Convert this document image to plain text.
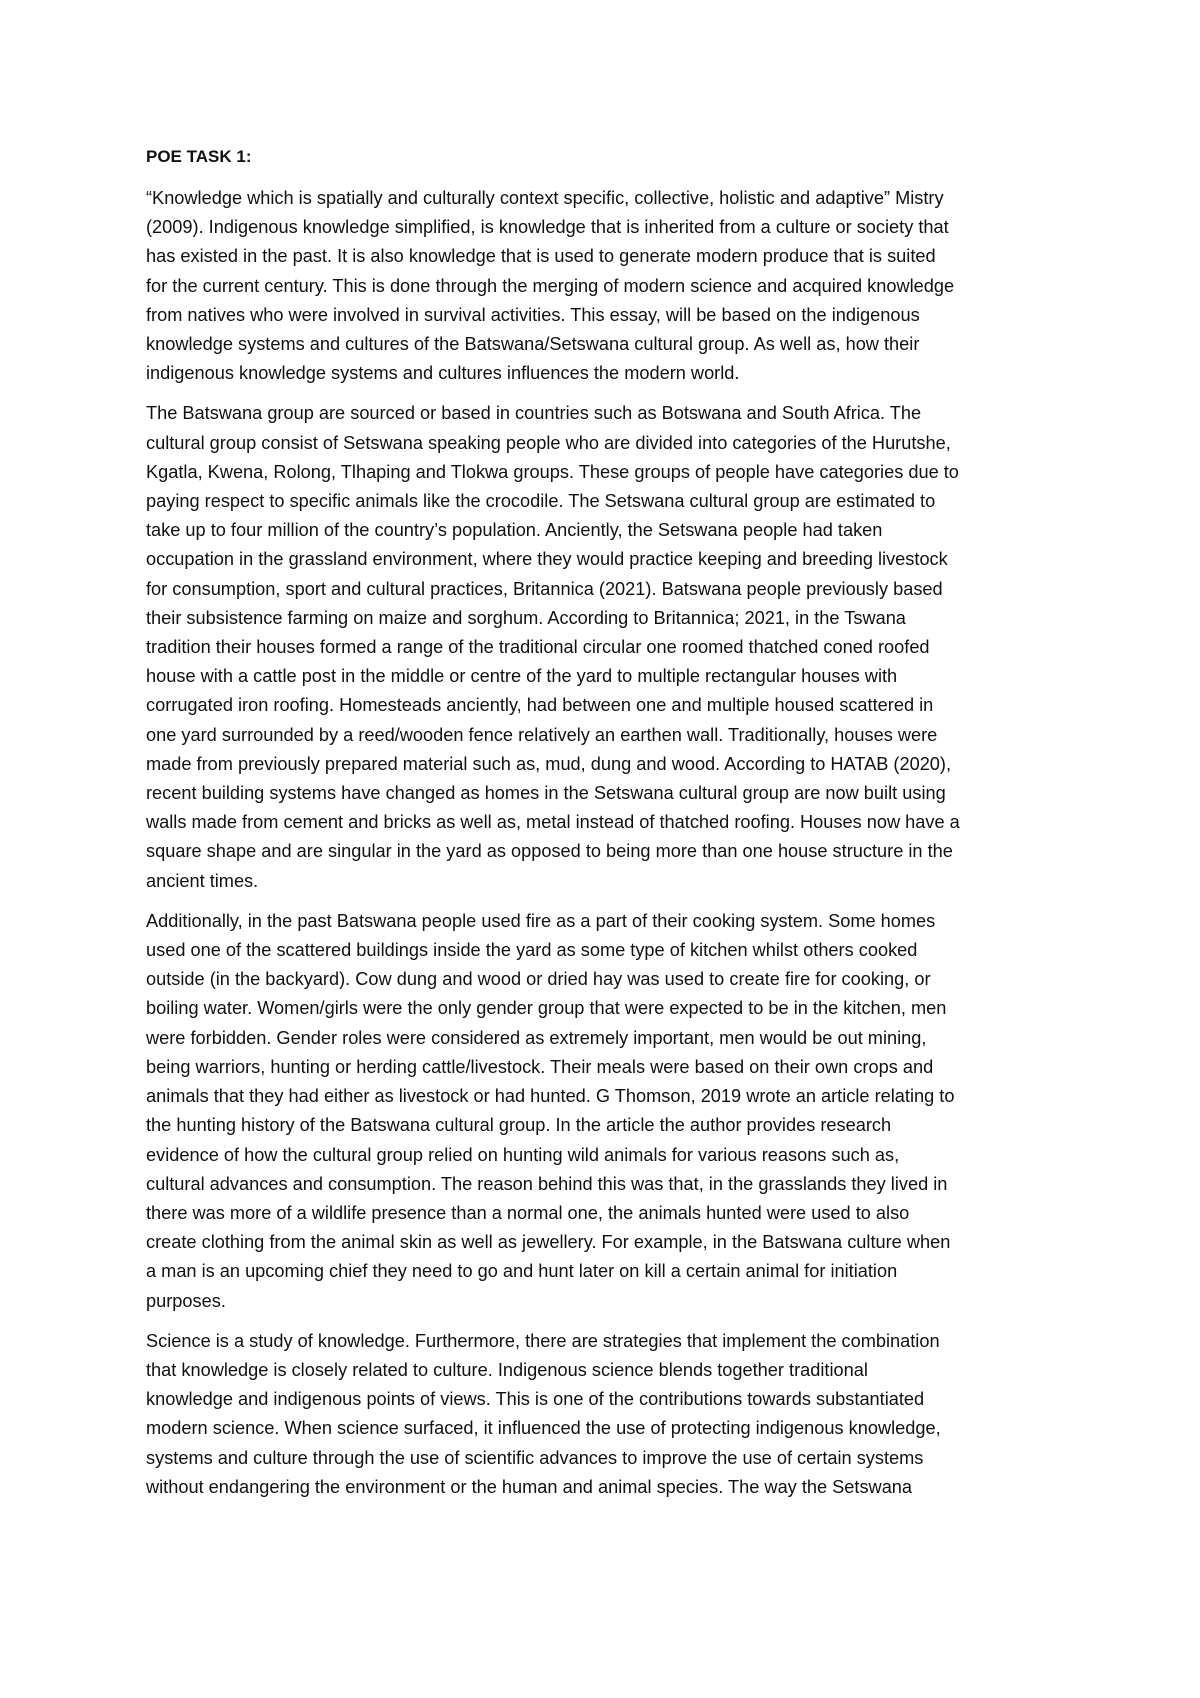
POE TASK 1:
“Knowledge which is spatially and culturally context specific, collective, holistic and adaptive” Mistry
(2009). Indigenous knowledge simplified, is knowledge that is inherited from a culture or society that
has existed in the past. It is also knowledge that is used to generate modern produce that is suited
for the current century. This is done through the merging of modern science and acquired knowledge
from natives who were involved in survival activities. This essay, will be based on the indigenous
knowledge systems and cultures of the Batswana/Setswana cultural group. As well as, how their
indigenous knowledge systems and cultures influences the modern world.
The Batswana group are sourced or based in countries such as Botswana and South Africa. The
cultural group consist of Setswana speaking people who are divided into categories of the Hurutshe,
Kgatla, Kwena, Rolong, Tlhaping and Tlokwa groups. These groups of people have categories due to
paying respect to specific animals like the crocodile. The Setswana cultural group are estimated to
take up to four million of the country’s population. Anciently, the Setswana people had taken
occupation in the grassland environment, where they would practice keeping and breeding livestock
for consumption, sport and cultural practices, Britannica (2021). Batswana people previously based
their subsistence farming on maize and sorghum. According to Britannica; 2021, in the Tswana
tradition their houses formed a range of the traditional circular one roomed thatched coned roofed
house with a cattle post in the middle or centre of the yard to multiple rectangular houses with
corrugated iron roofing. Homesteads anciently, had between one and multiple housed scattered in
one yard surrounded by a reed/wooden fence relatively an earthen wall. Traditionally, houses were
made from previously prepared material such as, mud, dung and wood. According to HATAB (2020),
recent building systems have changed as homes in the Setswana cultural group are now built using
walls made from cement and bricks as well as, metal instead of thatched roofing. Houses now have a
square shape and are singular in the yard as opposed to being more than one house structure in the
ancient times.
Additionally, in the past Batswana people used fire as a part of their cooking system. Some homes
used one of the scattered buildings inside the yard as some type of kitchen whilst others cooked
outside (in the backyard). Cow dung and wood or dried hay was used to create fire for cooking, or
boiling water. Women/girls were the only gender group that were expected to be in the kitchen, men
were forbidden. Gender roles were considered as extremely important, men would be out mining,
being warriors, hunting or herding cattle/livestock. Their meals were based on their own crops and
animals that they had either as livestock or had hunted. G Thomson, 2019 wrote an article relating to
the hunting history of the Batswana cultural group. In the article the author provides research
evidence of how the cultural group relied on hunting wild animals for various reasons such as,
cultural advances and consumption. The reason behind this was that, in the grasslands they lived in
there was more of a wildlife presence than a normal one, the animals hunted were used to also
create clothing from the animal skin as well as jewellery. For example, in the Batswana culture when
a man is an upcoming chief they need to go and hunt later on kill a certain animal for initiation
purposes.
Science is a study of knowledge. Furthermore, there are strategies that implement the combination
that knowledge is closely related to culture. Indigenous science blends together traditional
knowledge and indigenous points of views. This is one of the contributions towards substantiated
modern science. When science surfaced, it influenced the use of protecting indigenous knowledge,
systems and culture through the use of scientific advances to improve the use of certain systems
without endangering the environment or the human and animal species. The way the Setswana
